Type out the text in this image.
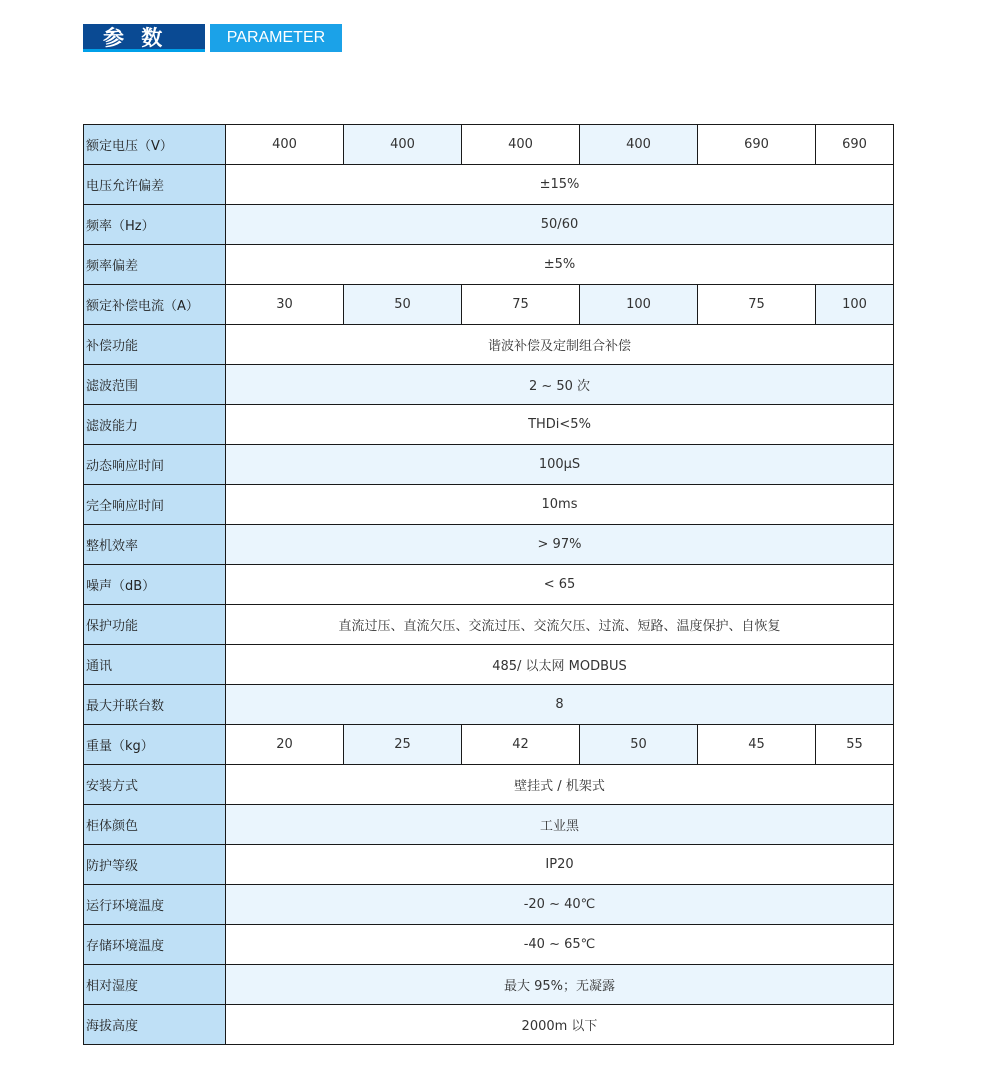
参 数	PARAMETER
额定电压（V）	400	400	400	400	690	690
电压允许偏差	±15%					
频率（Hz）	50/60					
频率偏差	±5%					
额定补偿电流（A）	30	50	75	100	75	100
补偿功能	谐波补偿及定制组合补偿					
滤波范围	2 ~ 50 次					
滤波能力	THDi<5%					
动态响应时间	100μS					
完全响应时间	10ms					
整机效率	> 97%					
噪声（dB）	< 65					
保护功能	直流过压、直流欠压、交流过压、交流欠压、过流、短路、温度保护、自恢复					
通讯	485/ 以太网 MODBUS					
最大并联台数	8					
重量（kg）	20	25	42	50	45	55
安装方式	壁挂式 / 机架式					
柜体颜色	工业黑					
防护等级	IP20					
运行环境温度	-20 ~ 40℃					
存储环境温度	-40 ~ 65℃					
相对湿度	最大 95%；无凝露					
海拔高度	2000m 以下					
